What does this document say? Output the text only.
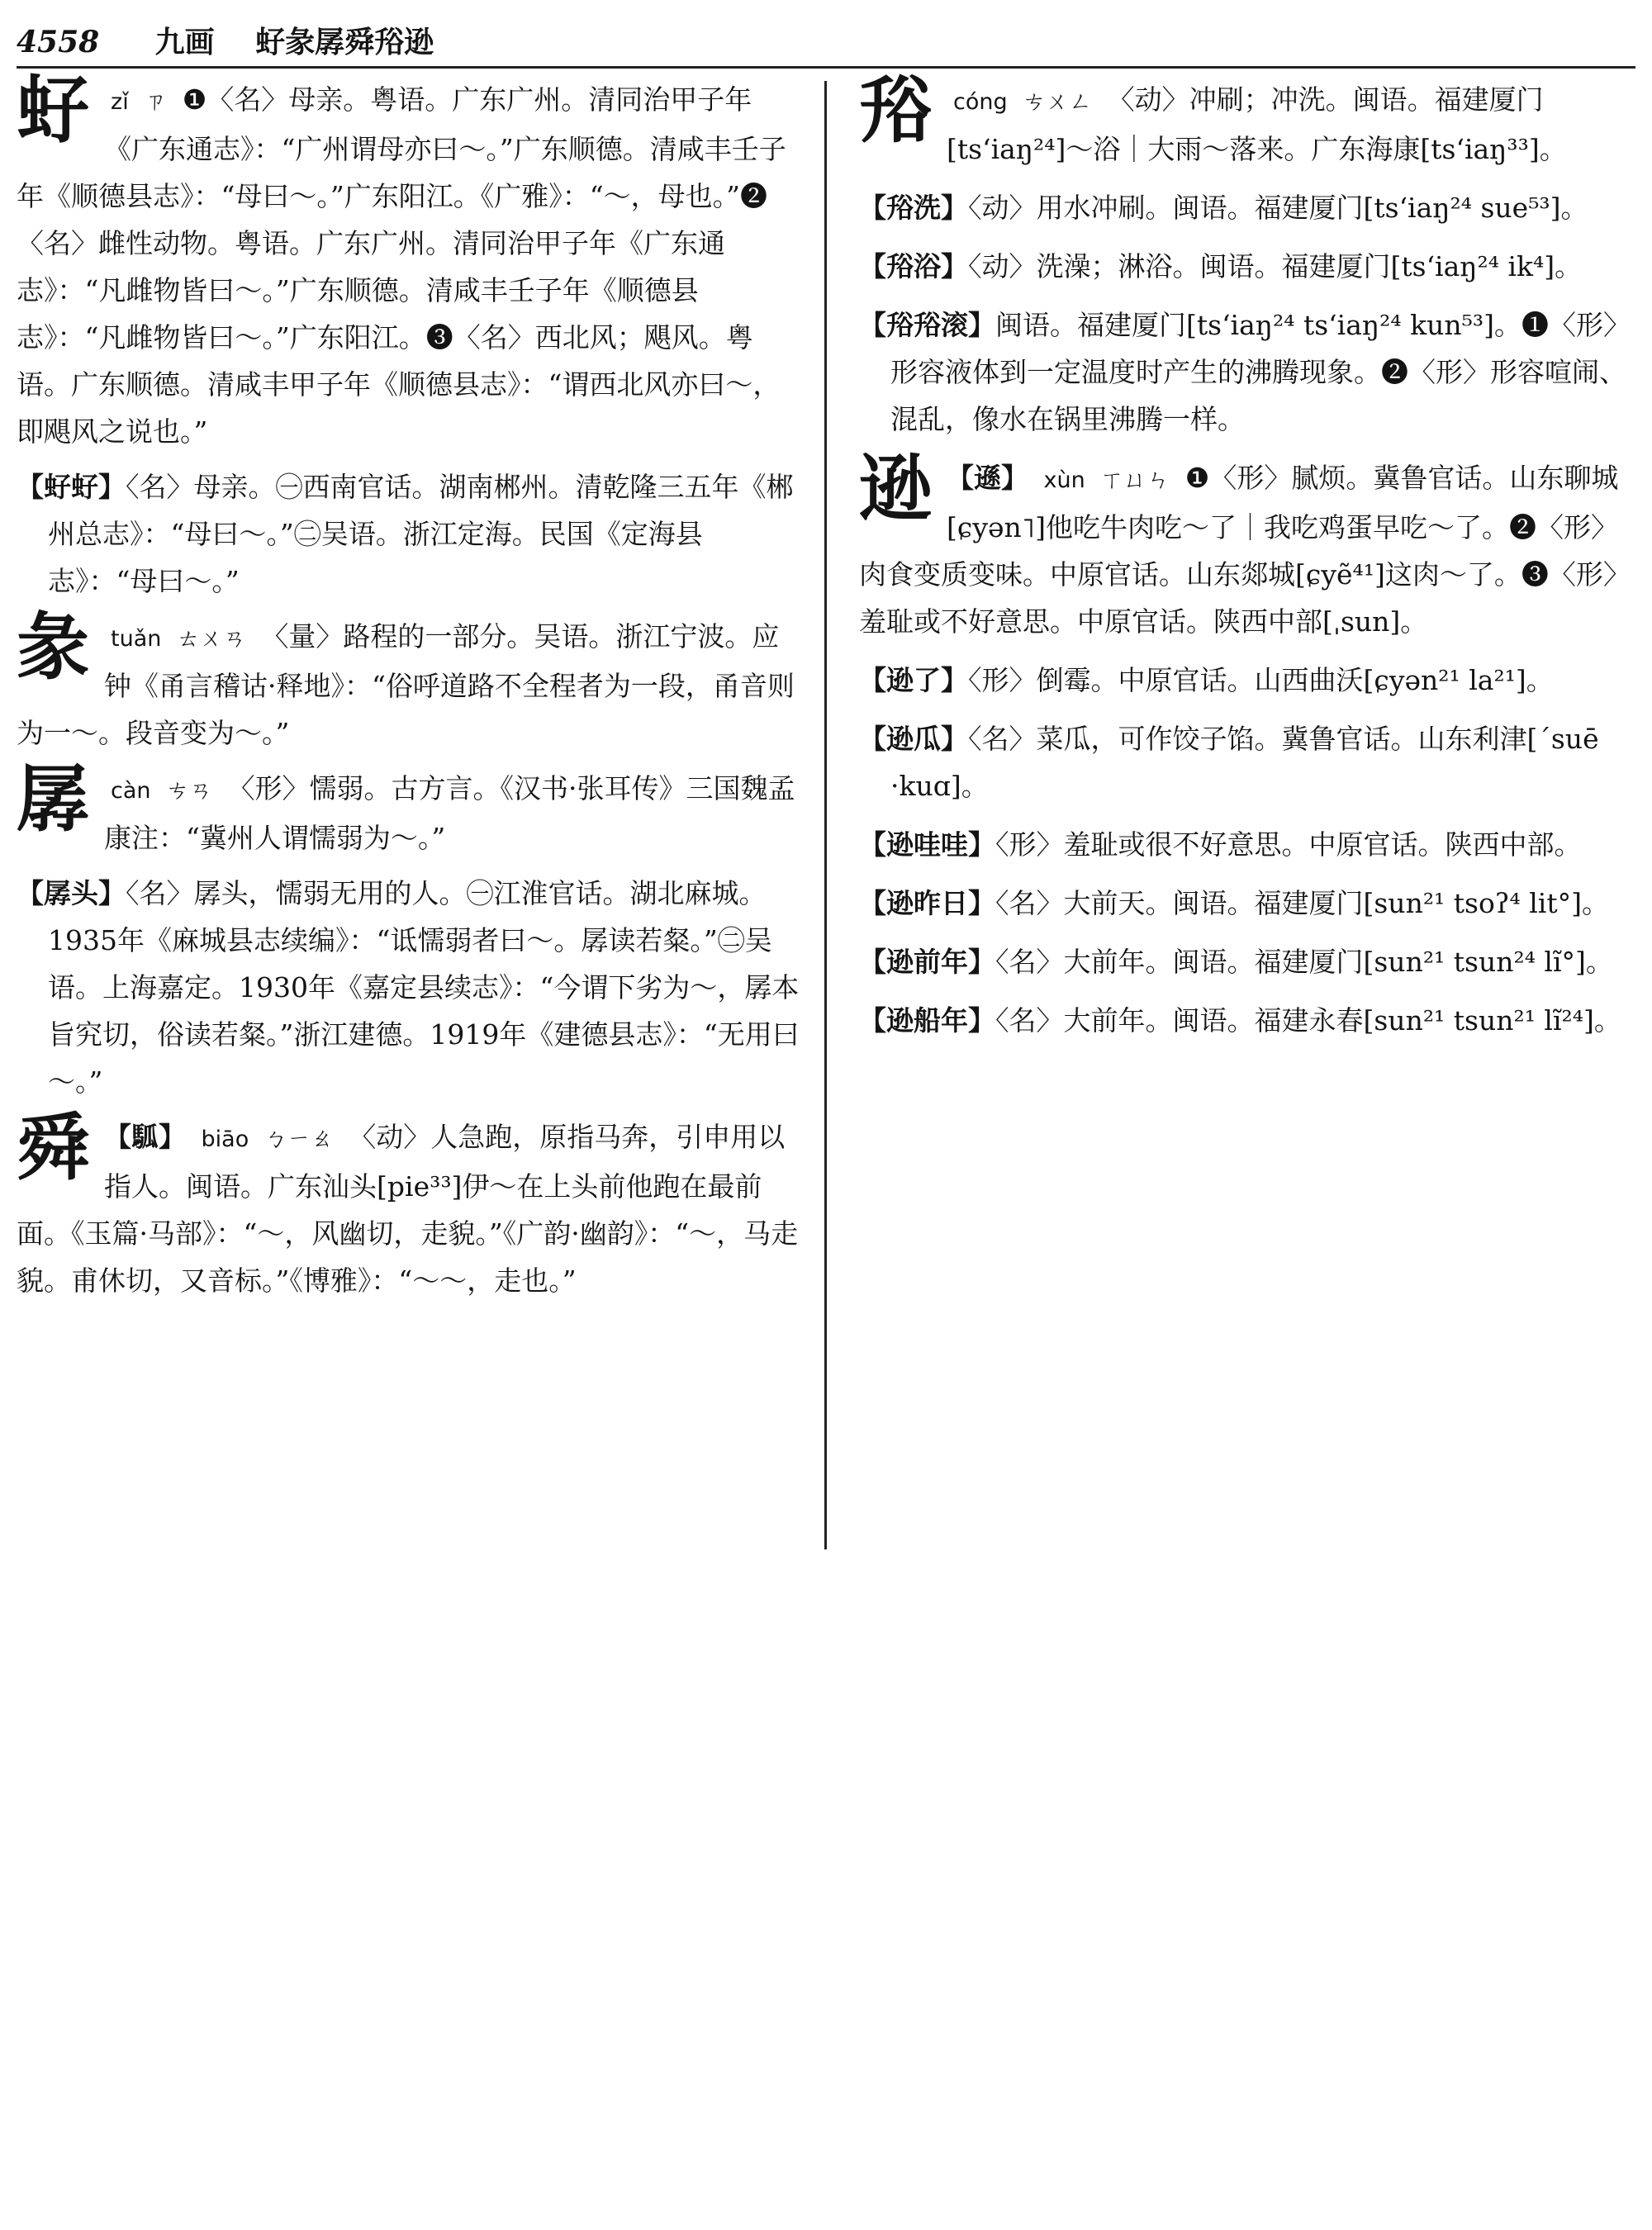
4558 九画 虸彖孱舜谸逊
虸 zǐ ㄗ ❶〈名〉母亲。粤语。广东广州。清同治甲子年《广东通志》：“广州谓母亦曰～。”广东顺德。清咸丰壬子年《顺德县志》：“母曰～。”广东阳江。《广雅》：“～，母也。”❷〈名〉雌性动物。粤语。广东广州。清同治甲子年《广东通志》：“凡雌物皆曰～。”广东顺德。清咸丰壬子年《顺德县志》：“凡雌物皆曰～。”广东阳江。❸〈名〉西北风；飓风。粤语。广东顺德。清咸丰甲子年《顺德县志》：“谓西北风亦曰～，即飓风之说也。”
【虸虸】〈名〉母亲。㊀西南官话。湖南郴州。清乾隆三五年《郴州总志》：“母曰～。”㊁吴语。浙江定海。民国《定海县志》：“母曰～。”
彖 tuǎn ㄊㄨㄢ 〈量〉路程的一部分。吴语。浙江宁波。应钟《甬言稽诂·释地》：“俗呼道路不全程者为一段，甬音则为一～。段音变为～。”
孱 càn ㄘㄢ 〈形〉懦弱。古方言。《汉书·张耳传》三国魏孟康注：“冀州人谓懦弱为～。”
【孱头】〈名〉孱头，懦弱无用的人。㊀江淮官话。湖北麻城。1935年《麻城县志续编》：“诋懦弱者曰～。孱读若粲。”㊁吴语。上海嘉定。1930年《嘉定县续志》：“今谓下劣为～，孱本旨究切，俗读若粲。”浙江建德。1919年《建德县志》：“无用曰～。”
舜 【𩢍】 biāo ㄅㄧㄠ 〈动〉人急跑，原指马奔，引申用以指人。闽语。广东汕头[pie³³]伊～在上头前他跑在最前面。《玉篇·马部》：“～，风幽切，走貌。”《广韵·幽韵》：“～，马走貌。甫休切，又音标。”《博雅》：“～～，走也。”
谸 cóng ㄘㄨㄥ 〈动〉冲刷；冲洗。闽语。福建厦门[tsʻiaŋ²⁴]～浴｜大雨～落来。广东海康[tsʻiaŋ³³]。
【谸洗】〈动〉用水冲刷。闽语。福建厦门[tsʻiaŋ²⁴ sue⁵³]。
【谸浴】〈动〉洗澡；淋浴。闽语。福建厦门[tsʻiaŋ²⁴ ik⁴]。
【谸谸滚】闽语。福建厦门[tsʻiaŋ²⁴ tsʻiaŋ²⁴ kun⁵³]。❶〈形〉形容液体到一定温度时产生的沸腾现象。❷〈形〉形容喧闹、混乱，像水在锅里沸腾一样。
逊 【遜】 xùn ㄒㄩㄣ ❶〈形〉腻烦。冀鲁官话。山东聊城[ɕyən˥]他吃牛肉吃～了｜我吃鸡蛋早吃～了。❷〈形〉肉食变质变味。中原官话。山东郯城[ɕyẽ⁴¹]这肉～了。❸〈形〉羞耻或不好意思。中原官话。陕西中部[ˌsun]。
【逊了】〈形〉倒霉。中原官话。山西曲沃[ɕyən²¹ la²¹]。
【逊瓜】〈名〉菜瓜，可作饺子馅。冀鲁官话。山东利津[ˊsuē ·kuɑ]。
【逊哇哇】〈形〉羞耻或很不好意思。中原官话。陕西中部。
【逊昨日】〈名〉大前天。闽语。福建厦门[sun²¹ tsoʔ⁴ lit°]。
【逊前年】〈名〉大前年。闽语。福建厦门[sun²¹ tsun²⁴ lĩ°]。
【逊船年】〈名〉大前年。闽语。福建永春[sun²¹ tsun²¹ lĩ²⁴]。
